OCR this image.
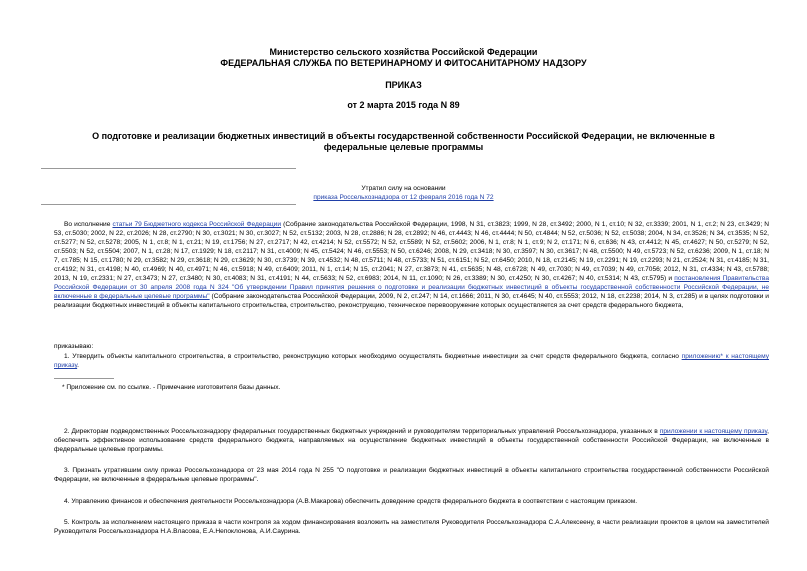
Министерство сельского хозяйства Российской Федерации
ФЕДЕРАЛЬНАЯ СЛУЖБА ПО ВЕТЕРИНАРНОМУ И ФИТОСАНИТАРНОМУ НАДЗОРУ
ПРИКАЗ
от 2 марта 2015 года N 89
О подготовке и реализации бюджетных инвестиций в объекты государственной собственности Российской Федерации, не включенные в федеральные целевые программы
Утратил силу на основании
приказа Россельхознадзора от 12 февраля 2016 года N 72
Во исполнение статьи 79 Бюджетного кодекса Российской Федерации (Собрание законодательства Российской Федерации, 1998, N 31, ст.3823; 1999, N 28, ст.3492; 2000, N 1, ст.10; N 32, ст.3339; 2001, N 1, ст.2; N 23, ст.3429; N 53, ст.5030; 2002, N 22, ст.2026; N 28, ст.2790; N 30, ст.3021; N 30, ст.3027; N 52, ст.5132; 2003, N 28, ст.2886; N 28, ст.2892; N 46, ст.4443; N 46, ст.4444; N 50, ст.4844; N 52, ст.5036; N 52, ст.5038; 2004, N 34, ст.3526; N 34, ст.3535; N 52, ст.5277; N 52, ст.5278; 2005, N 1, ст.8; N 1, ст.21; N 19, ст.1756; N 27, ст.2717; N 42, ст.4214; N 52, ст.5572; N 52, ст.5589; N 52, ст.5602; 2006, N 1, ст.8; N 1, ст.9; N 2, ст.171; N 6, ст.636; N 43, ст.4412; N 45, ст.4627; N 50, ст.5279; N 52, ст.5503; N 52, ст.5504; 2007, N 1, ст.28; N 17, ст.1929; N 18, ст.2117; N 31, ст.4009; N 45, ст.5424; N 46, ст.5553; N 50, ст.6246; 2008, N 29, ст.3418; N 30, ст.3597; N 30, ст.3617; N 48, ст.5500; N 49, ст.5723; N 52, ст.6236; 2009, N 1, ст.18; N 7, ст.785; N 15, ст.1780; N 29, ст.3582; N 29, ст.3618; N 29, ст.3629; N 30, ст.3739; N 39, ст.4532; N 48, ст.5711; N 48, ст.5733; N 51, ст.6151; N 52, ст.6450; 2010, N 18, ст.2145; N 19, ст.2291; N 19, ст.2293; N 21, ст.2524; N 31, ст.4185; N 31, ст.4192; N 31, ст.4198; N 40, ст.4969; N 40, ст.4971; N 46, ст.5918; N 49, ст.6409; 2011, N 1, ст.14; N 15, ст.2041; N 27, ст.3873; N 41, ст.5635; N 48, ст.6728; N 49, ст.7030; N 49, ст.7039; N 49, ст.7056; 2012, N 31, ст.4334; N 43, ст.5788; 2013, N 19, ст.2331; N 27, ст.3473; N 27, ст.3480; N 30, ст.4083; N 31, ст.4191; N 44, ст.5633; N 52, ст.6983; 2014, N 11, ст.1090; N 26, ст.3389; N 30, ст.4250; N 30, ст.4267; N 40, ст.5314; N 43, ст.5795) и постановления Правительства Российской Федерации от 30 апреля 2008 года N 324 "Об утверждении Правил принятия решения о подготовке и реализации бюджетных инвестиций в объекты государственной собственности Российской Федерации, не включенные в федеральные целевые программы" (Собрание законодательства Российской Федерации, 2009, N 2, ст.247; N 14, ст.1666; 2011, N 30, ст.4645; N 40, ст.5553; 2012, N 18, ст.2238; 2014, N 3, ст.285) и в целях подготовки и реализации бюджетных инвестиций в объекты капитального строительства, строительство, реконструкцию, техническое перевооружение которых осуществляется за счет средств федерального бюджета,
приказываю:
1. Утвердить объекты капитального строительства, в строительство, реконструкцию которых необходимо осуществлять бюджетные инвестиции за счет средств федерального бюджета, согласно приложению* к настоящему приказу.
* Приложение см. по ссылке. - Примечание изготовителя базы данных.
2. Директорам подведомственных Россельхознадзору федеральных государственных бюджетных учреждений и руководителям территориальных управлений Россельхознадзора, указанных в приложении к настоящему приказу, обеспечить эффективное использование средств федерального бюджета, направляемых на осуществление бюджетных инвестиций в объекты государственной собственности Российской Федерации, не включенные в федеральные целевые программы.
3. Признать утратившим силу приказ Россельхознадзора от 23 мая 2014 года N 255 "О подготовке и реализации бюджетных инвестиций в объекты капитального строительства государственной собственности Российской Федерации, не включенные в федеральные целевые программы".
4. Управлению финансов и обеспечения деятельности Россельхознадзора (А.В.Макарова) обеспечить доведение средств федерального бюджета в соответствии с настоящим приказом.
5. Контроль за исполнением настоящего приказа в части контроля за ходом финансирования возложить на заместителя Руководителя Россельхознадзора С.А.Алексеену, в части реализации проектов в целом на заместителей Руководителя Россельхознадзора Н.А.Власова, Е.А.Непоклонова, А.И.Саурина.
